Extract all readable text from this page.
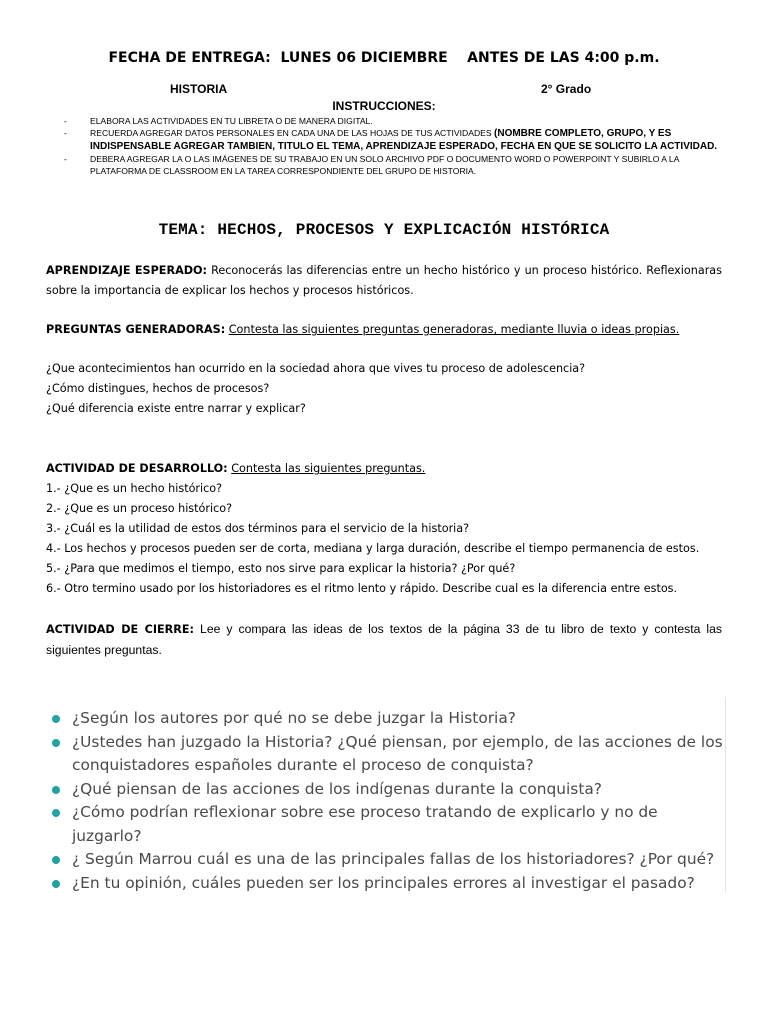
FECHA DE ENTREGA:  LUNES 06 DICIEMBRE    ANTES DE LAS 4:00 p.m.
HISTORIA	2° Grado
INSTRUCCIONES:
-	ELABORA LAS ACTIVIDADES EN TU LIBRETA O DE MANERA DIGITAL.
-	RECUERDA AGREGAR DATOS PERSONALES EN CADA UNA DE LAS HOJAS DE TUS ACTIVIDADES (NOMBRE COMPLETO, GRUPO, Y ES INDISPENSABLE AGREGAR TAMBIEN, TITULO EL TEMA, APRENDIZAJE ESPERADO, FECHA EN QUE SE SOLICITO LA ACTIVIDAD.
-	DEBERA AGREGAR LA O LAS IMÁGENES DE SU TRABAJO EN UN SOLO ARCHIVO PDF O DOCUMENTO WORD O POWERPOINT Y SUBIRLO A LA PLATAFORMA DE CLASSROOM EN LA TAREA CORRESPONDIENTE DEL GRUPO DE HISTORIA.
TEMA: HECHOS, PROCESOS Y EXPLICACIÓN HISTÓRICA
APRENDIZAJE ESPERADO: Reconocerás las diferencias entre un hecho histórico y un proceso histórico. Reflexionaras sobre la importancia de explicar los hechos y procesos históricos.
PREGUNTAS GENERADORAS: Contesta las siguientes preguntas generadoras, mediante lluvia o ideas propias.
¿Que acontecimientos han ocurrido en la sociedad ahora que vives tu proceso de adolescencia?
¿Cómo distingues, hechos de procesos?
¿Qué diferencia existe entre narrar y explicar?
ACTIVIDAD DE DESARROLLO: Contesta las siguientes preguntas.
1.- ¿Que es un hecho histórico?
2.- ¿Que es un proceso histórico?
3.- ¿Cuál es la utilidad de estos dos términos para el servicio de la historia?
4.- Los hechos y procesos pueden ser de corta, mediana y larga duración, describe el tiempo permanencia de estos.
5.- ¿Para que medimos el tiempo, esto nos sirve para explicar la historia? ¿Por qué?
6.- Otro termino usado por los historiadores es el ritmo lento y rápido. Describe cual es la diferencia entre estos.
ACTIVIDAD DE CIERRE: Lee y compara las ideas de los textos de la página 33 de tu libro de texto y contesta las siguientes preguntas.
¿Según los autores por qué no se debe juzgar la Historia?
¿Ustedes han juzgado la Historia? ¿Qué piensan, por ejemplo, de las acciones de los conquistadores españoles durante el proceso de conquista?
¿Qué piensan de las acciones de los indígenas durante la conquista?
¿Cómo podrían reflexionar sobre ese proceso tratando de explicarlo y no de juzgarlo?
¿ Según Marrou cuál es una de las principales fallas de los historiadores? ¿Por qué?
¿En tu opinión, cuáles pueden ser los principales errores al investigar el pasado?
